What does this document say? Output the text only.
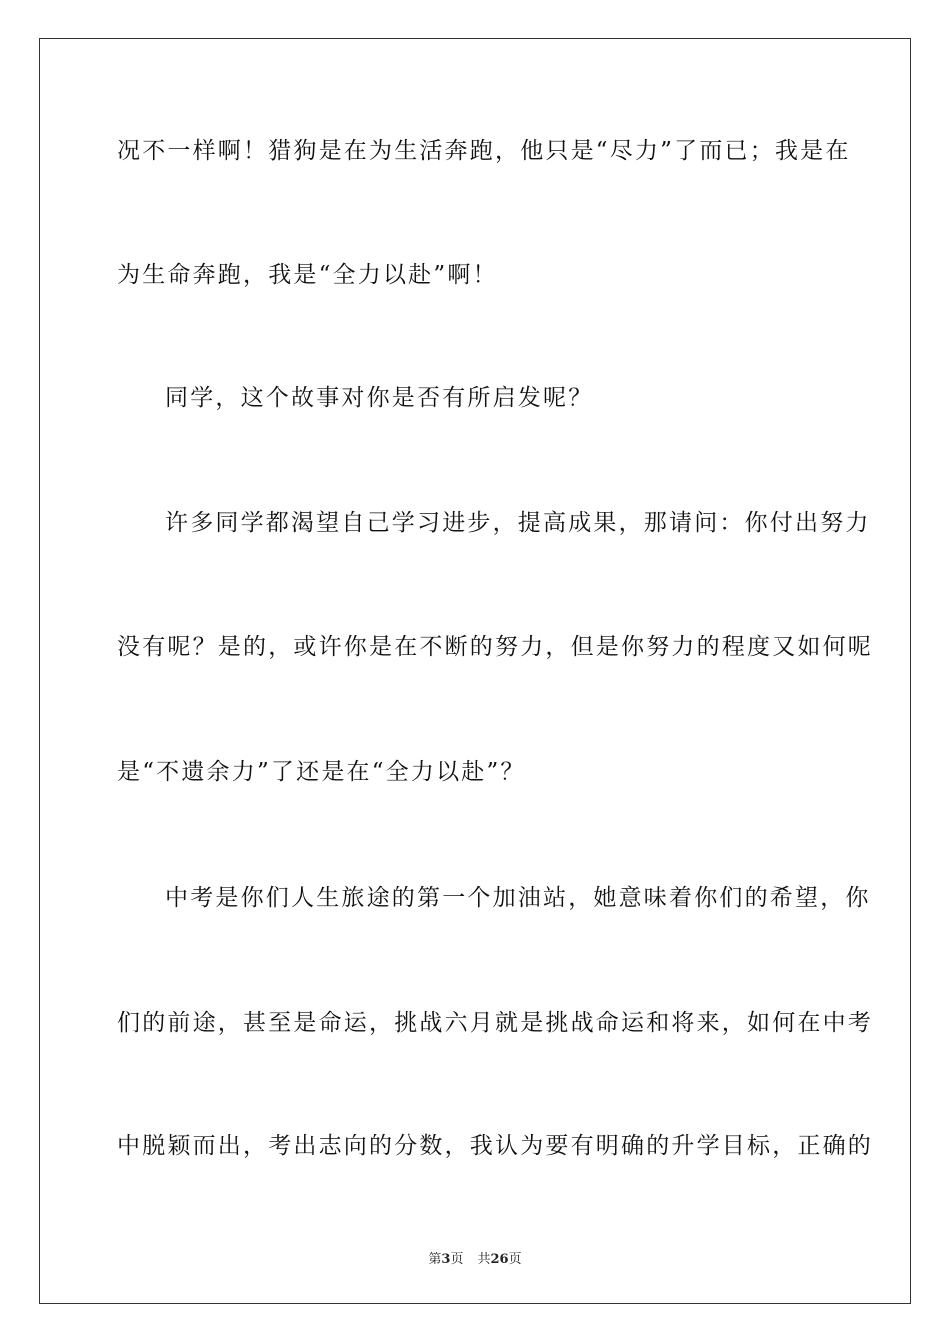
况不一样啊！猎狗是在为生活奔跑，他只是“尽力”了而已；我是在
为生命奔跑，我是“全力以赴”啊！
同学，这个故事对你是否有所启发呢？
许多同学都渴望自己学习进步，提高成果，那请问：你付出努力
没有呢？是的，或许你是在不断的努力，但是你努力的程度又如何呢
是“不遗余力”了还是在“全力以赴”？
中考是你们人生旅途的第一个加油站，她意味着你们的希望，你
们的前途，甚至是命运，挑战六月就是挑战命运和将来，如何在中考
中脱颖而出，考出志向的分数，我认为要有明确的升学目标，正确的
第3页 共26页
